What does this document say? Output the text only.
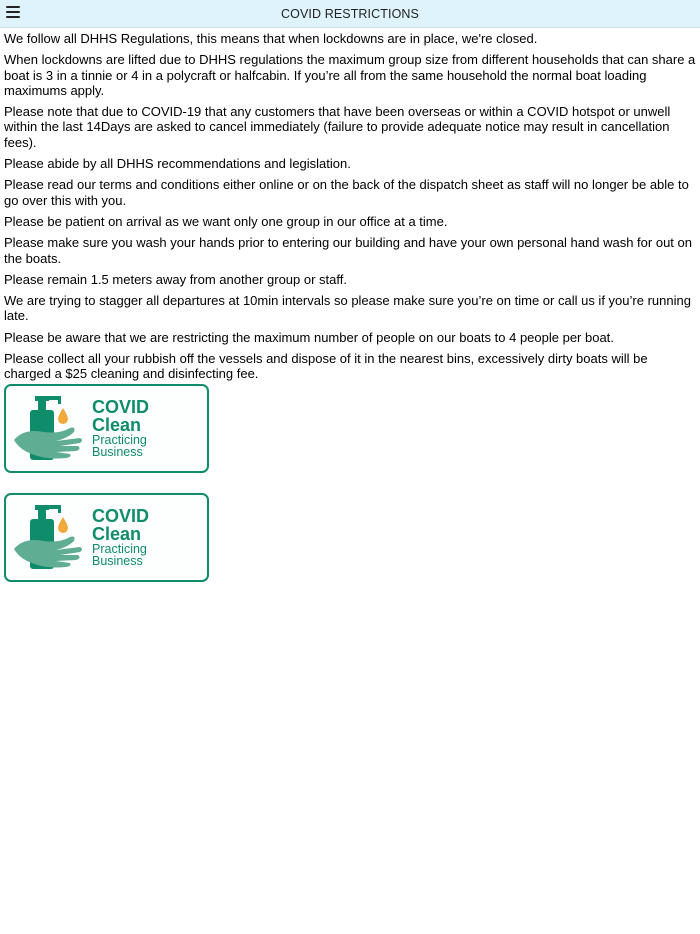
COVID RESTRICTIONS

We follow all DHHS Regulations, this means that when lockdowns are in place, we're closed.

When lockdowns are lifted due to DHHS regulations the maximum group size from different households that can share a boat is 3 in a tinnie or 4 in a polycraft or halfcabin. If you’re all from the same household the normal boat loading maximums apply.

Please note that due to COVID-19 that any customers that have been overseas or within a COVID hotspot or unwell within the last 14Days are asked to cancel immediately (failure to provide adequate notice may result in cancellation fees).

Please abide by all DHHS recommendations and legislation.

Please read our terms and conditions either online or on the back of the dispatch sheet as staff will no longer be able to go over this with you.

Please be patient on arrival as we want only one group in our office at a time.

Please make sure you wash your hands prior to entering our building and have your own personal hand wash for out on the boats.

Please remain 1.5 meters away from another group or staff.

We are trying to stagger all departures at 10min intervals so please make sure you’re on time or call us if you’re running late.

Please be aware that we are restricting the maximum number of people on our boats to 4 people per boat.

Please collect all your rubbish off the vessels and dispose of it in the nearest bins, excessively dirty boats will be charged a $25 cleaning and disinfecting fee.

COVID
Clean
Practicing
Business
COVID
Clean
Practicing
Business
